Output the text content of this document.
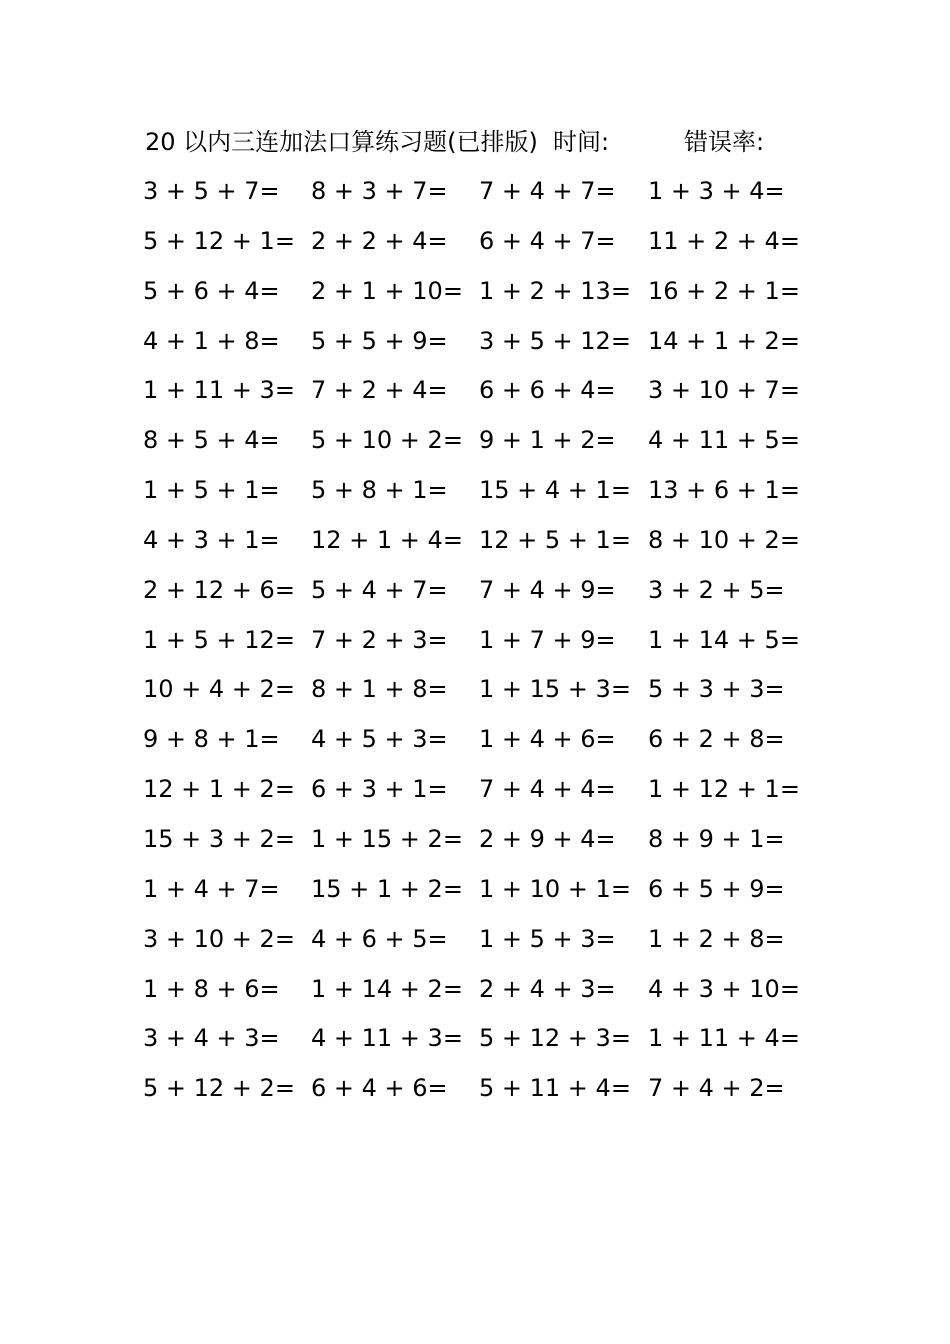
20 以内三连加法口算练习题(已排版) 时间:	错误率:
3 + 5 + 7= 8 + 3 + 7= 7 + 4 + 7= 1 + 3 + 4=
5 + 12 + 1= 2 + 2 + 4= 6 + 4 + 7= 11 + 2 + 4=
5 + 6 + 4= 2 + 1 + 10= 1 + 2 + 13= 16 + 2 + 1=
4 + 1 + 8= 5 + 5 + 9= 3 + 5 + 12= 14 + 1 + 2=
1 + 11 + 3= 7 + 2 + 4= 6 + 6 + 4= 3 + 10 + 7=
8 + 5 + 4= 5 + 10 + 2= 9 + 1 + 2= 4 + 11 + 5=
1 + 5 + 1= 5 + 8 + 1= 15 + 4 + 1= 13 + 6 + 1=
4 + 3 + 1= 12 + 1 + 4= 12 + 5 + 1= 8 + 10 + 2=
2 + 12 + 6= 5 + 4 + 7= 7 + 4 + 9= 3 + 2 + 5=
1 + 5 + 12= 7 + 2 + 3= 1 + 7 + 9= 1 + 14 + 5=
10 + 4 + 2= 8 + 1 + 8= 1 + 15 + 3= 5 + 3 + 3=
9 + 8 + 1= 4 + 5 + 3= 1 + 4 + 6= 6 + 2 + 8=
12 + 1 + 2= 6 + 3 + 1= 7 + 4 + 4= 1 + 12 + 1=
15 + 3 + 2= 1 + 15 + 2= 2 + 9 + 4= 8 + 9 + 1=
1 + 4 + 7= 15 + 1 + 2= 1 + 10 + 1= 6 + 5 + 9=
3 + 10 + 2= 4 + 6 + 5= 1 + 5 + 3= 1 + 2 + 8=
1 + 8 + 6= 1 + 14 + 2= 2 + 4 + 3= 4 + 3 + 10=
3 + 4 + 3= 4 + 11 + 3= 5 + 12 + 3= 1 + 11 + 4=
5 + 12 + 2= 6 + 4 + 6= 5 + 11 + 4= 7 + 4 + 2=
